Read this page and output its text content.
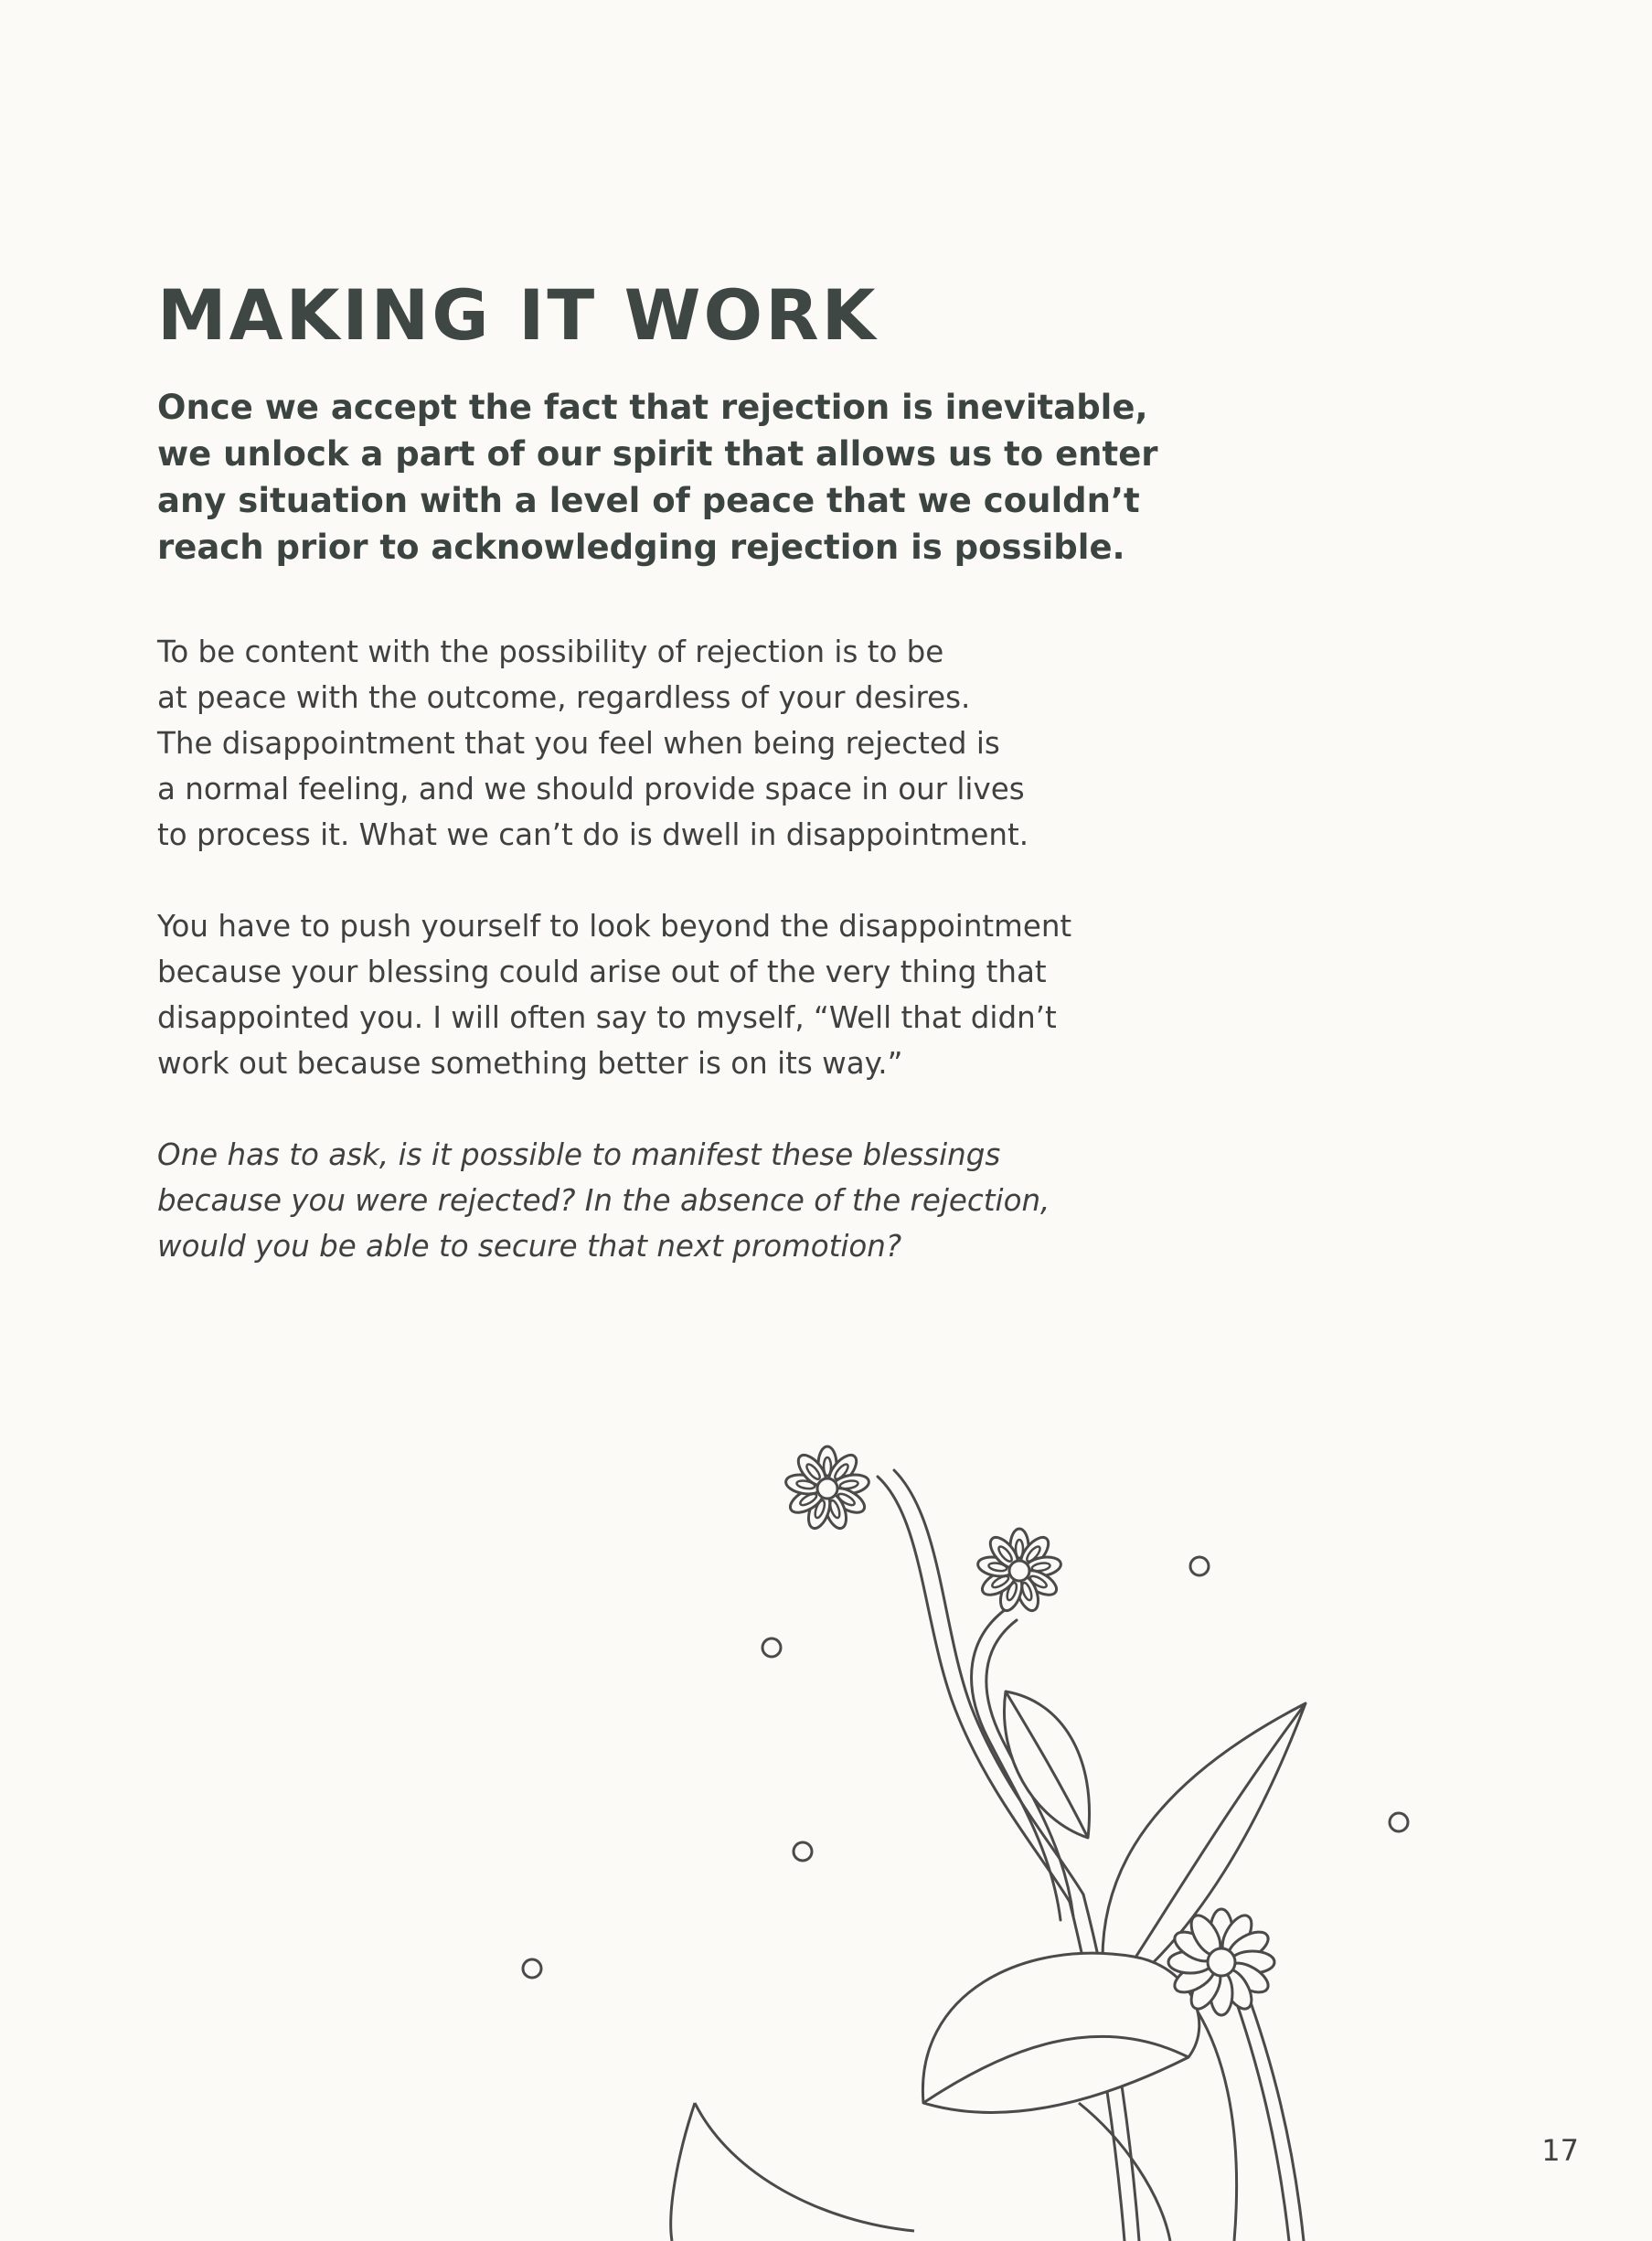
MAKING IT WORK

Once we accept the fact that rejection is inevitable,
we unlock a part of our spirit that allows us to enter
any situation with a level of peace that we couldn’t
reach prior to acknowledging rejection is possible.

To be content with the possibility of rejection is to be
at peace with the outcome, regardless of your desires.
The disappointment that you feel when being rejected is
a normal feeling, and we should provide space in our lives
to process it. What we can’t do is dwell in disappointment.

You have to push yourself to look beyond the disappointment
because your blessing could arise out of the very thing that
disappointed you. I will often say to myself, “Well that didn’t
work out because something better is on its way.”

One has to ask, is it possible to manifest these blessings
because you were rejected? In the absence of the rejection,
would you be able to secure that next promotion?

17
